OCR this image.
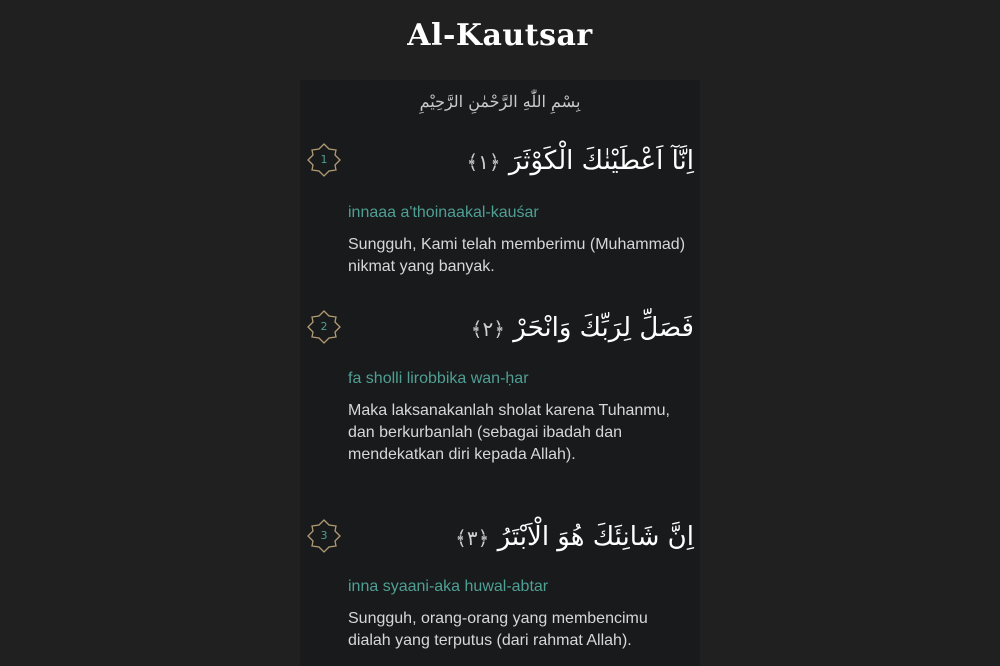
Al-Kautsar
بِسْمِ اللّٰهِ الرَّحْمٰنِ الرَّحِيْمِ
1	اِنَّآ اَعْطَيْنٰكَ الْكَوْثَرَ ﴿١﴾
innaaa a'thoinaakal-kauśar
Sungguh, Kami telah memberimu (Muhammad) nikmat yang banyak.
2	فَصَلِّ لِرَبِّكَ وَانْحَرْ ﴿٢﴾
fa sholli lirobbika wan-ḥar
Maka laksanakanlah sholat karena Tuhanmu, dan berkurbanlah (sebagai ibadah dan mendekatkan diri kepada Allah).
3	اِنَّ شَانِئَكَ هُوَ الْاَبْتَرُ ﴿٣﴾
inna syaani-aka huwal-abtar
Sungguh, orang-orang yang membencimu dialah yang terputus (dari rahmat Allah).
